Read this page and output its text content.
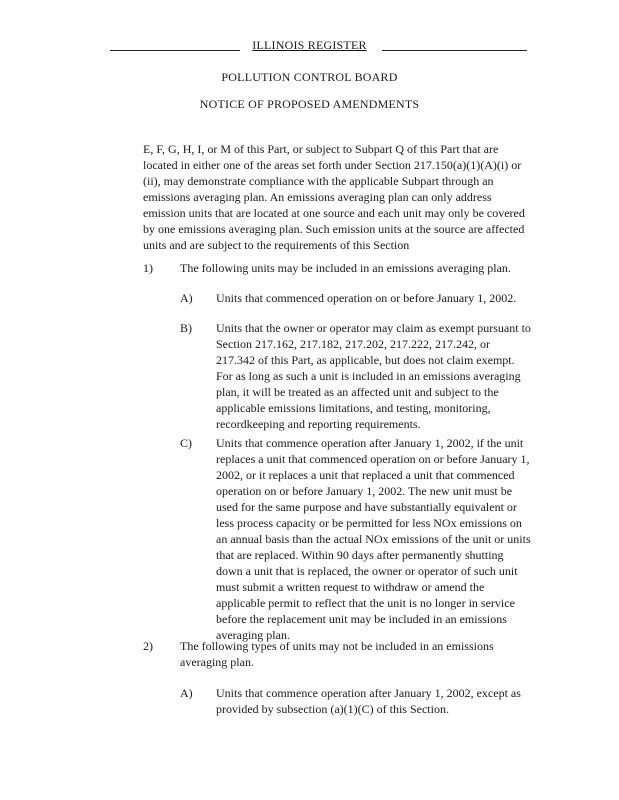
ILLINOIS REGISTER
POLLUTION CONTROL BOARD
NOTICE OF PROPOSED AMENDMENTS
E, F, G, H, I, or M of this Part, or subject to Subpart Q of this Part that are
located in either one of the areas set forth under Section 217.150(a)(1)(A)(i) or
(ii), may demonstrate compliance with the applicable Subpart through an
emissions averaging plan. An emissions averaging plan can only address
emission units that are located at one source and each unit may only be covered
by one emissions averaging plan. Such emission units at the source are affected
units and are subject to the requirements of this Section
1) The following units may be included in an emissions averaging plan.
A) Units that commenced operation on or before January 1, 2002.
B) Units that the owner or operator may claim as exempt pursuant to
Section 217.162, 217.182, 217.202, 217.222, 217.242, or
217.342 of this Part, as applicable, but does not claim exempt.
For as long as such a unit is included in an emissions averaging
plan, it will be treated as an affected unit and subject to the
applicable emissions limitations, and testing, monitoring,
recordkeeping and reporting requirements.
C) Units that commence operation after January 1, 2002, if the unit
replaces a unit that commenced operation on or before January 1,
2002, or it replaces a unit that replaced a unit that commenced
operation on or before January 1, 2002. The new unit must be
used for the same purpose and have substantially equivalent or
less process capacity or be permitted for less NOx emissions on
an annual basis than the actual NOx emissions of the unit or units
that are replaced. Within 90 days after permanently shutting
down a unit that is replaced, the owner or operator of such unit
must submit a written request to withdraw or amend the
applicable permit to reflect that the unit is no longer in service
before the replacement unit may be included in an emissions
averaging plan.
2) The following types of units may not be included in an emissions
averaging plan.
A) Units that commence operation after January 1, 2002, except as
provided by subsection (a)(1)(C) of this Section.
